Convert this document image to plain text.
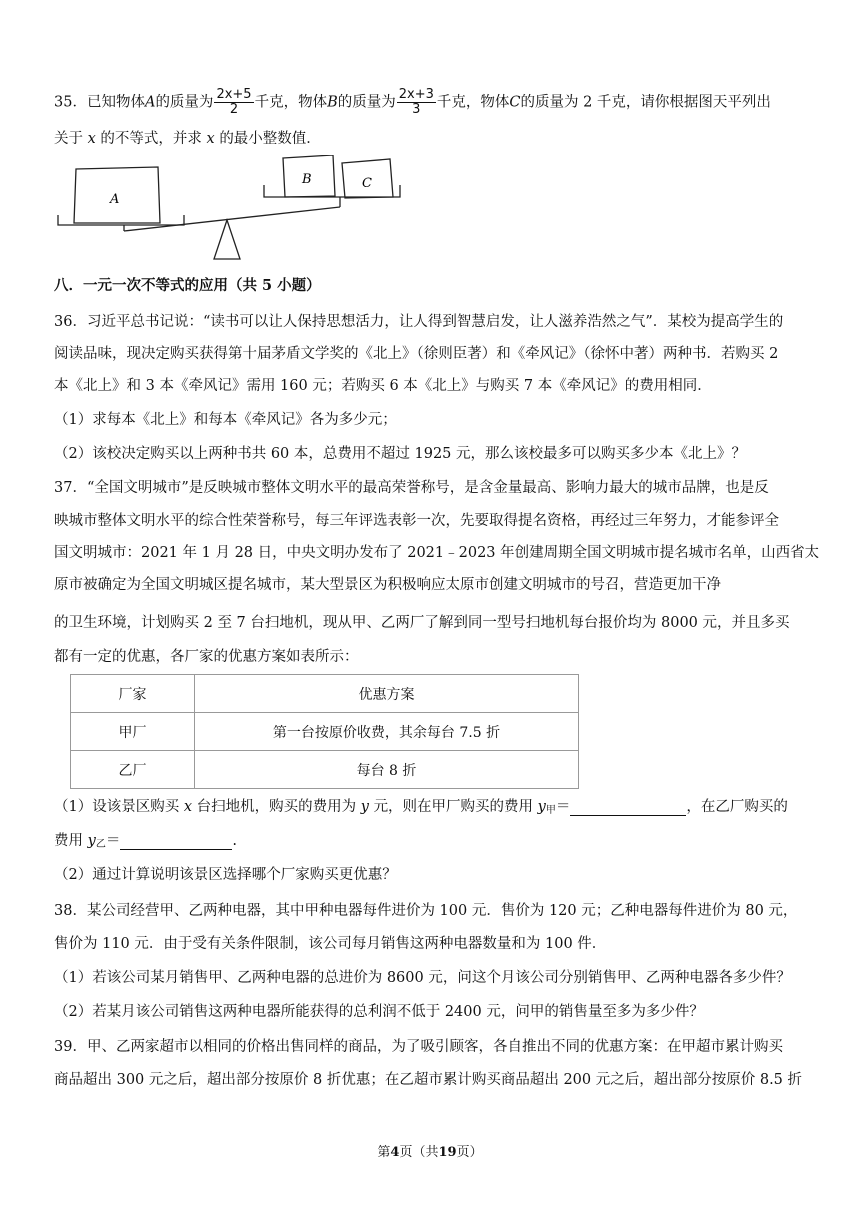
35．已知物体A的质量为 $\frac{2x+5}{2}$ 千克，物体B的质量为 $\frac{2x+3}{3}$ 千克，物体C的质量为 2 千克，请你根据图天平列出
关于 x 的不等式，并求 x 的最小整数值．
A
B	C
八．一元一次不等式的应用（共 5 小题）
36．习近平总书记说：“读书可以让人保持思想活力，让人得到智慧启发，让人滋养浩然之气”．某校为提高学生的
阅读品味，现决定购买获得第十届茅盾文学奖的《北上》（徐则臣著）和《牵风记》（徐怀中著）两种书．若购买 2
本《北上》和 3 本《牵风记》需用 160 元；若购买 6 本《北上》与购买 7 本《牵风记》的费用相同．
（1）求每本《北上》和每本《牵风记》各为多少元；
（2）该校决定购买以上两种书共 60 本，总费用不超过 1925 元，那么该校最多可以购买多少本《北上》？
37．“全国文明城市”是反映城市整体文明水平的最高荣誉称号，是含金量最高、影响力最大的城市品牌，也是反
映城市整体文明水平的综合性荣誉称号，每三年评选表彰一次，先要取得提名资格，再经过三年努力，才能参评全
国文明城市：2021 年 1 月 28 日，中央文明办发布了 2021﹣2023 年创建周期全国文明城市提名城市名单，山西省太
原市被确定为全国文明城区提名城市，某大型景区为积极响应太原市创建文明城市的号召，营造更加干净
的卫生环境，计划购买 2 至 7 台扫地机，现从甲、乙两厂了解到同一型号扫地机每台报价均为 8000 元，并且多买
都有一定的优惠，各厂家的优惠方案如表所示：
厂家	优惠方案
甲厂	第一台按原价收费，其余每台 7.5 折
乙厂	每台 8 折
（1）设该景区购买 x 台扫地机，购买的费用为 y 元，则在甲厂购买的费用 $y_甲=$	，在乙厂购买的
费用 $y_乙=$	.
（2）通过计算说明该景区选择哪个厂家购买更优惠？
38．某公司经营甲、乙两种电器，其中甲种电器每件进价为 100 元．售价为 120 元；乙种电器每件进价为 80 元，
售价为 110 元．由于受有关条件限制，该公司每月销售这两种电器数量和为 100 件．
（1）若该公司某月销售甲、乙两种电器的总进价为 8600 元，问这个月该公司分别销售甲、乙两种电器各多少件？
（2）若某月该公司销售这两种电器所能获得的总利润不低于 2400 元，问甲的销售量至多为多少件？
39．甲、乙两家超市以相同的价格出售同样的商品，为了吸引顾客，各自推出不同的优惠方案：在甲超市累计购买
商品超出 300 元之后，超出部分按原价 8 折优惠；在乙超市累计购买商品超出 200 元之后，超出部分按原价 8.5 折
第4页（共19页）
